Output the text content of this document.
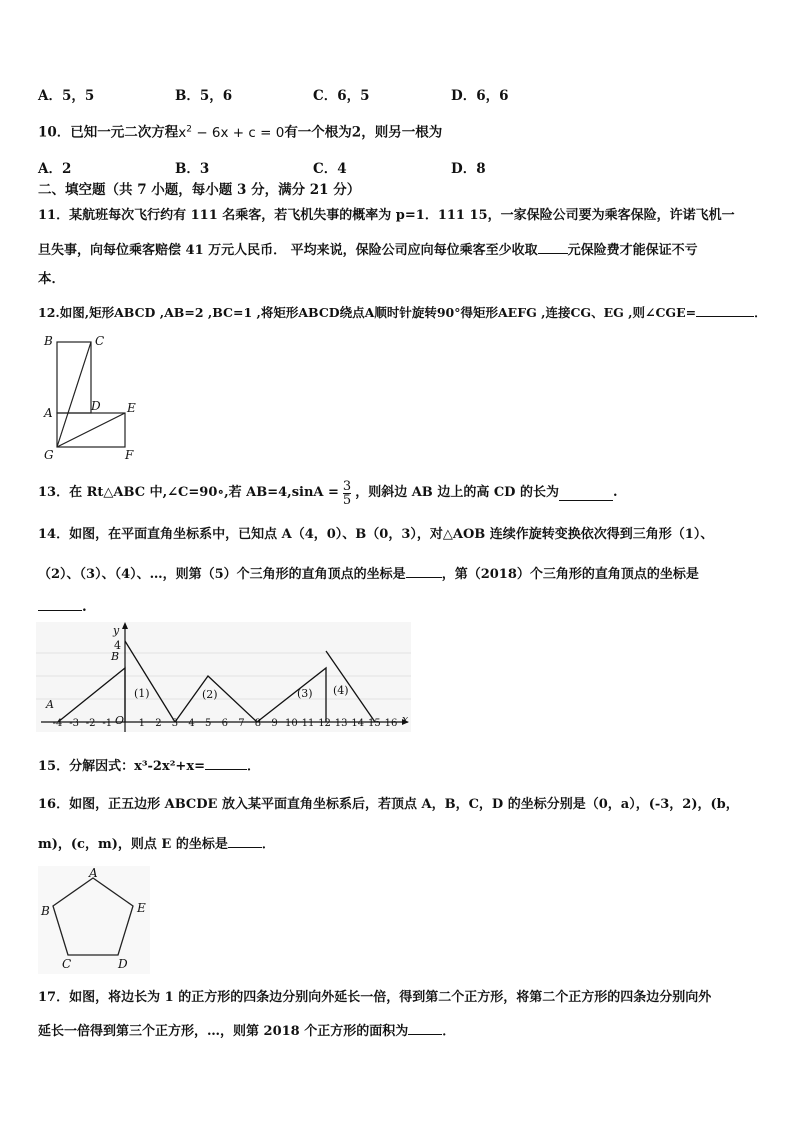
A．5，5	B．5，6	C．6，5	D．6，6
10．已知一元二次方程$x^2 - 6x + c = 0$有一个根为2，则另一根为
A．2	B．3	C．4	D．8
二、填空题（共 7 小题，每小题 3 分，满分 21 分）
11．某航班每次飞行约有 111 名乘客，若飞机失事的概率为 p=1．111 15，一家保险公司要为乘客保险，许诺飞机一
旦失事，向每位乘客赔偿 41 万元人民币． 平均来说，保险公司应向每位乘客至少收取 元保险费才能保证不亏
本．
12.如图,矩形ABCD ,AB=2 ,BC=1 ,将矩形ABCD绕点A顺时针旋转90°得矩形AEFG ,连接CG、EG ,则∠CGE=	．
B	C
A	D E
G	F
13．在 Rt△ABC 中,∠C=90∘,若 $AB=4,\sin A = \frac{3}{5}$ ，则斜边 AB 边上的高 CD 的长为	.
14．如图，在平面直角坐标系中，已知点 A（4，0）、B（0，3），对△AOB 连续作旋转变换依次得到三角形（1）、
（2）、（3）、（4）、…，则第（5）个三角形的直角顶点的坐标是	，第（2018）个三角形的直角顶点的坐标是
.
y
x
4
B
A
O
(1)	(2)	(3) (4)
-4 -3 -2 -1	1 2 3 4 5 6 7 8 9 10 11 12 13 14 15 16
15．分解因式：x³-2x²+x=	．
16．如图，正五边形 ABCDE 放入某平面直角坐标系后，若顶点 A，B，C，D 的坐标分别是（0，a），(-3，2)，(b，
m)，(c，m)，则点 E 的坐标是	．
A
B	E
C	D
17．如图，将边长为 1 的正方形的四条边分别向外延长一倍，得到第二个正方形，将第二个正方形的四条边分别向外
延长一倍得到第三个正方形，…，则第 2018 个正方形的面积为	．
